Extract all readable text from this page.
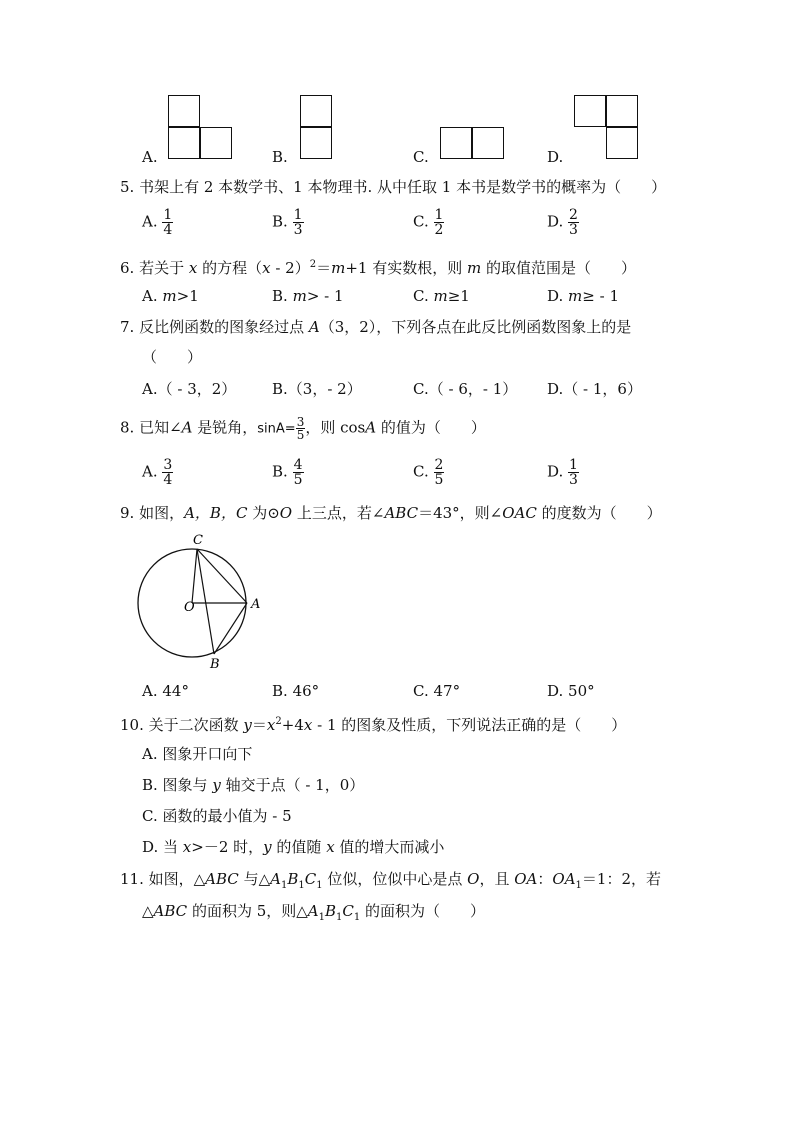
A.	B.	C.	D.
5. 书架上有 2 本数学书、1 本物理书. 从中任取 1 本书是数学书的概率为（　　）
A. $\frac{1}{4}$	B. $\frac{1}{3}$	C. $\frac{1}{2}$	D. $\frac{2}{3}$
6. 若关于 x 的方程（x - 2）$^2$＝m+1 有实数根，则 m 的取值范围是（　　）
A. m>1	B. m> - 1	C. m≥1	D. m≥ - 1
7. 反比例函数的图象经过点 A（3，2），下列各点在此反比例函数图象上的是
（　　）
A.（ - 3，2） B.（3，- 2）	C.（ - 6，- 1） D.（ - 1，6）
8. 已知∠A 是锐角，$\sin A= \frac{3}{5}$ ，则 cosA 的值为（　　）
A. $\frac{3}{4}$	B. $\frac{4}{5}$	C. $\frac{2}{5}$	D. $\frac{1}{3}$
9. 如图，A，B，C 为⊙O 上三点，若∠ABC＝43°，则∠OAC 的度数为（　　）
C
O	A
B
A. 44°	B. 46°	C. 47°	D. 50°
10. 关于二次函数 $y=x^2+4x - 1$ 的图象及性质，下列说法正确的是（　　）
A. 图象开口向下
B. 图象与 y 轴交于点（ - 1，0）
C. 函数的最小值为 - 5
D. 当 x>－2 时，y 的值随 x 值的增大而减小
11. 如图，△ABC 与$\triangle A_1B_1C_1$ 位似，位似中心是点 O，且 OA：$OA_1=1$：2，若
△ABC 的面积为 5，则$\triangle A_1B_1C_1$ 的面积为（　　）
